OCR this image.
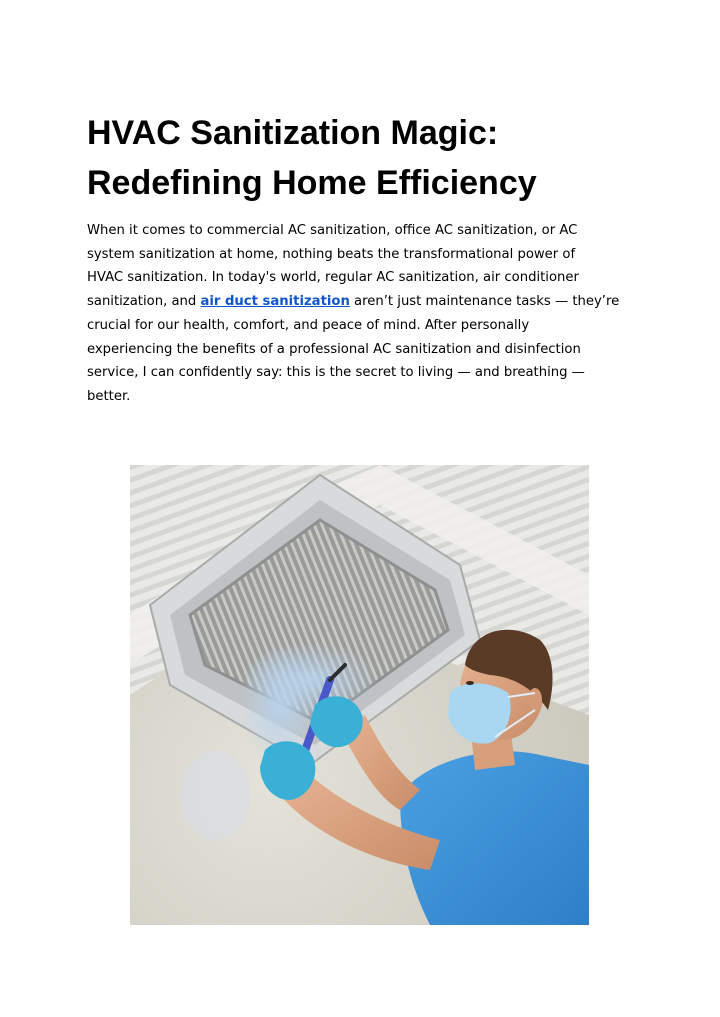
HVAC Sanitization Magic:
Redefining Home Efficiency

When it comes to commercial AC sanitization, office AC sanitization, or AC
system sanitization at home, nothing beats the transformational power of
HVAC sanitization. In today's world, regular AC sanitization, air conditioner
sanitization, and air duct sanitization aren’t just maintenance tasks — they’re
crucial for our health, comfort, and peace of mind. After personally
experiencing the benefits of a professional AC sanitization and disinfection
service, I can confidently say: this is the secret to living — and breathing —
better.
